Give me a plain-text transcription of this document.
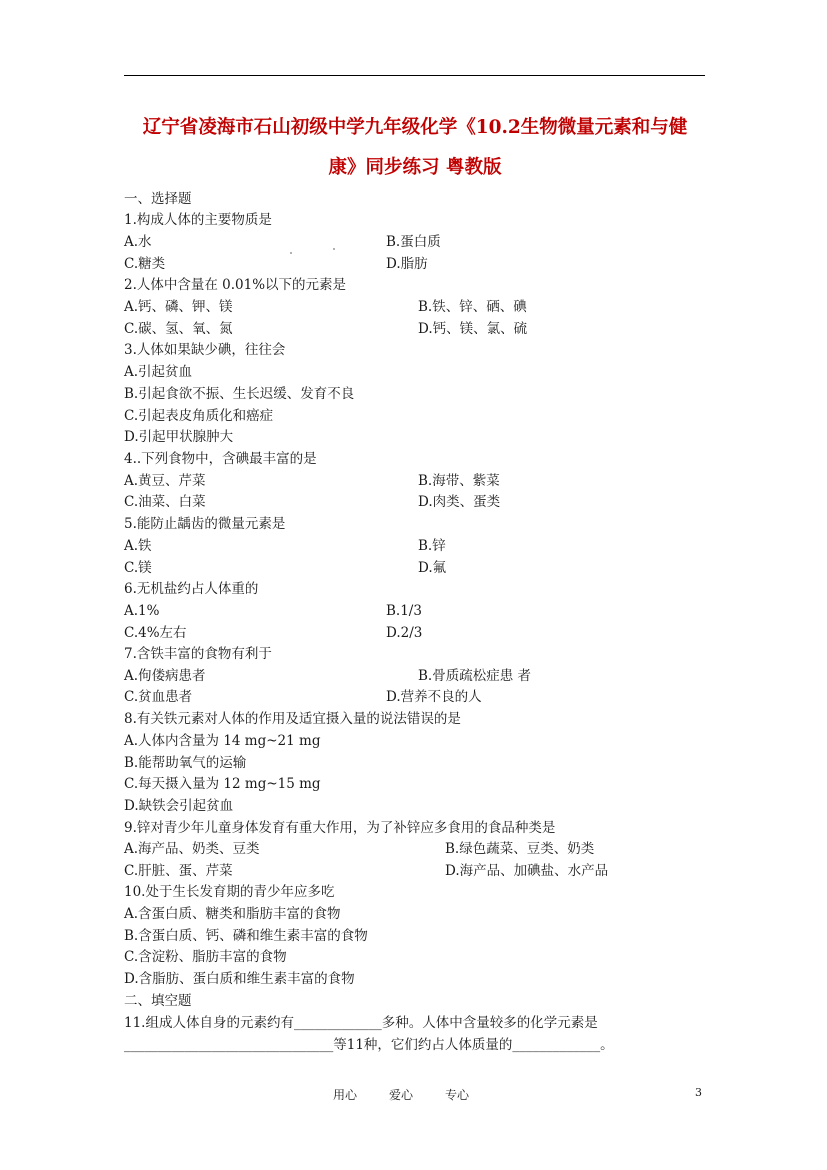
辽宁省凌海市石山初级中学九年级化学《10.2生物微量元素和与健
康》同步练习 粤教版
一、选择题
1.构成人体的主要物质是
A.水	B.蛋白质
C.糖类	D.脂肪
2.人体中含量在 0.01%以下的元素是
A.钙、磷、钾、镁	B.铁、锌、硒、碘
C.碳、氢、氧、氮	D.钙、镁、氯、硫
3.人体如果缺少碘，往往会
A.引起贫血
B.引起食欲不振、生长迟缓、发育不良
C.引起表皮角质化和癌症
D.引起甲状腺肿大
4..下列食物中，含碘最丰富的是
A.黄豆、芹菜	B.海带、紫菜
C.油菜、白菜	D.肉类、蛋类
5.能防止龋齿的微量元素是
A.铁	B.锌
C.镁	D.氟
6.无机盐约占人体重的
A.1%	B.1/3
C.4%左右	D.2/3
7.含铁丰富的食物有利于
A.佝偻病患者	B.骨质疏松症患 者
C.贫血患者	D.营养不良的人
8.有关铁元素对人体的作用及适宜摄入量的说法错误的是
A.人体内含量为 14 mg~21 mg
B.能帮助氧气的运输
C.每天摄入量为 12 mg~15 mg
D.缺铁会引起贫血
9.锌对青少年儿童身体发育有重大作用，为了补锌应多食用的食品种类是
A.海产品、奶类、豆类	B.绿色蔬菜、豆类、奶类
C.肝脏、蛋、芹菜	D.海产品、加碘盐、水产品
10.处于生长发育期的青少年应多吃
A.含蛋白质、糖类和脂肪丰富的食物
B.含蛋白质、钙、磷和维生素丰富的食物
C.含淀粉、脂肪丰富的食物
D.含脂肪、蛋白质和维生素丰富的食物
二、填空题
11.组成人体自身的元素约有_____________多种。人体中含量较多的化学元素是
_______________________________等11种，它们约占人体质量的_____________。
用心	爱心	专心	3
